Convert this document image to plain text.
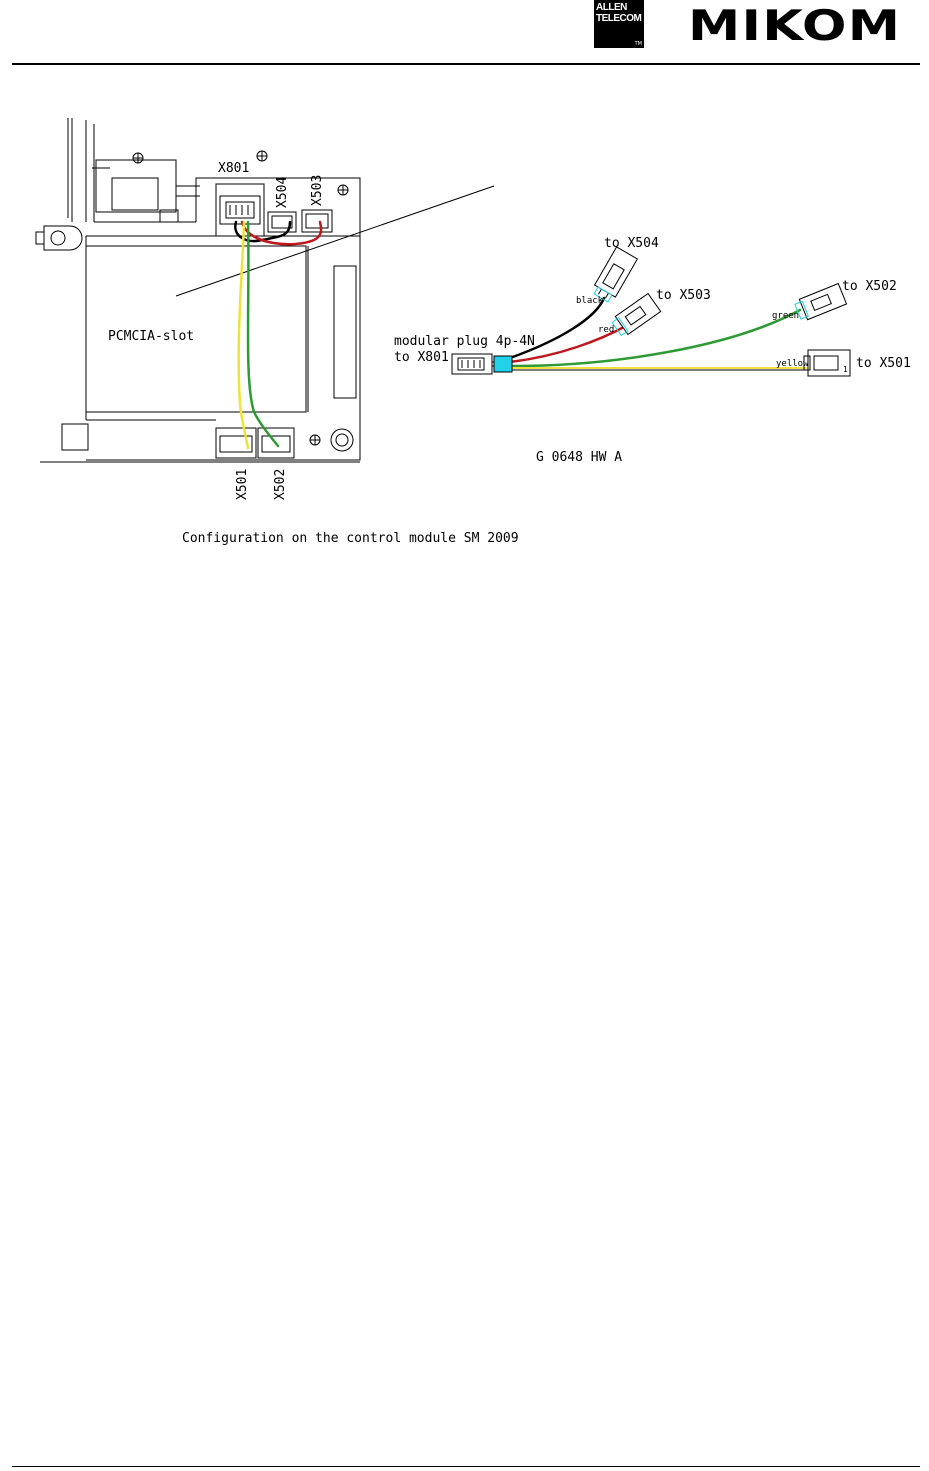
ALLEN
TELECOM
TM MIKOM
X801
X504 X503
X501 X502
PCMCIA-slot	modular plug 4p-4N
to X801
to X504
to X503
to X502
to X501
black
red
green
yellow
1
G 0648 HW A
Configuration on the control module SM 2009
